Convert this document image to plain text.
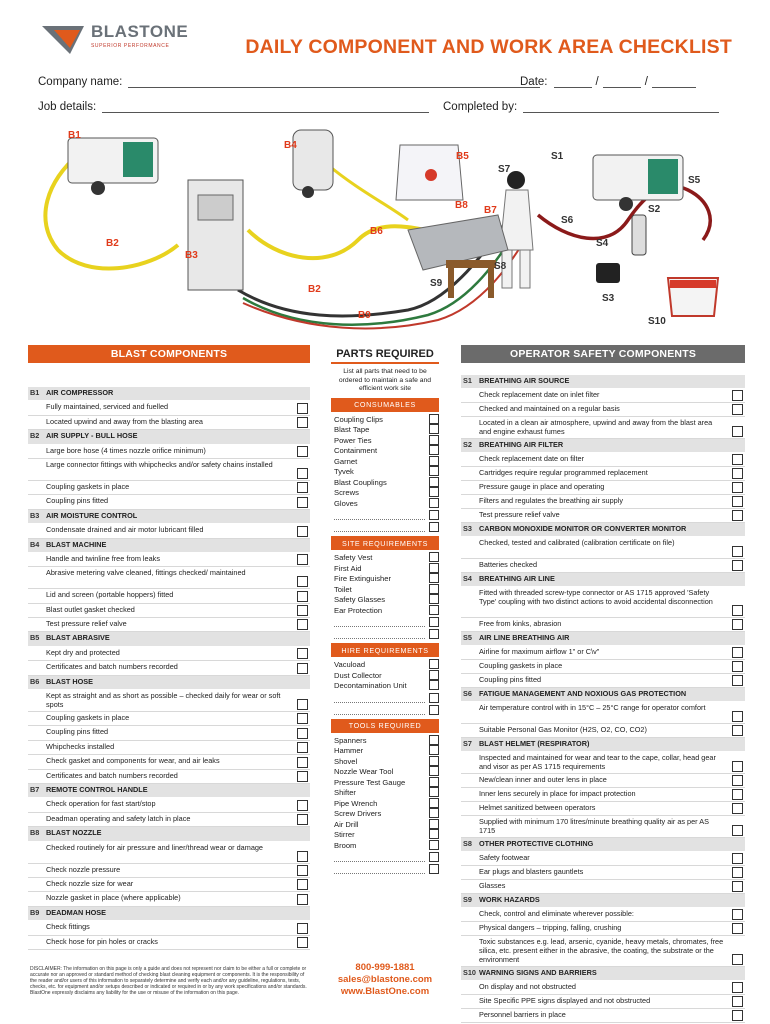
BLASTONE
SUPERIOR PERFORMANCE	DAILY COMPONENT AND WORK AREA CHECKLIST
Company name:	Date:	/	/
Job details:	Completed by:
B1
B4
B5
S7
S1
S5
B8 B7
S6
S2
B6
B2	S4
B3
S8
S9
B2
S3
B9
S10
BLAST COMPONENTS
B1 AIR COMPRESSOR
Fully maintained, serviced and fuelled
Located upwind and away from the blasting area
B2 AIR SUPPLY - BULL HOSE
Large bore hose (4 times nozzle orifice minimum)
Large connector fittings with whipchecks and/or safety chains installed
Coupling gaskets in place
Coupling pins fitted
B3 AIR MOISTURE CONTROL
Condensate drained and air motor lubricant filled
B4 BLAST MACHINE
Handle and twinline free from leaks
Abrasive metering valve cleaned, fittings checked/ maintained
Lid and screen (portable hoppers) fitted
Blast outlet gasket checked
Test pressure relief valve
B5 BLAST ABRASIVE
Kept dry and protected
Certificates and batch numbers recorded
B6 BLAST HOSE
Kept as straight and as short as possible – checked daily for wear or soft spots
Coupling gaskets in place
Coupling pins fitted
Whipchecks installed
Check gasket and components for wear, and air leaks
Certificates and batch numbers recorded
B7 REMOTE CONTROL HANDLE
Check operation for fast start/stop
Deadman operating and safety latch in place
B8 BLAST NOZZLE
Checked routinely for air pressure and liner/thread wear or damage
Check nozzle pressure
Check nozzle size for wear
Nozzle gasket in place (where applicable)
B9 DEADMAN HOSE
Check fittings
Check hose for pin holes or cracks
DISCLAIMER: The information on this page is only a guide and does not represent nor claim to be either a full or complete or accurate nor an approved or standard method of checking blast cleaning equipment or components. It is the responsibility of the reader and/or users of this information to separately determine and verify each and/or any guideline, regulations, tests, checks, etc. for equipment and/or setups described or indicated or required in or by any work specifications and/or standards. BlastOne expressly disclaims any liability for the use or misuse of the information on this page.
PARTS REQUIRED
List all parts that need to be ordered to maintain a safe and efficient work site
CONSUMABLES
Coupling Clips
Blast Tape
Power Ties
Containment
Garnet
Tyvek
Blast Couplings
Screws
Gloves
SITE REQUIREMENTS
Safety Vest
First Aid
Fire Extinguisher
Toilet
Safety Glasses
Ear Protection
HIRE REQUIREMENTS
Vacuload
Dust Collector
Decontamination Unit
TOOLS REQUIRED
Spanners
Hammer
Shovel
Nozzle Wear Tool
Pressure Test Gauge
Shifter
Pipe Wrench
Screw Drivers
Air Drill
Stirrer
Broom
800-999-1881
sales@blastone.com
www.BlastOne.com
OPERATOR SAFETY COMPONENTS
S1 BREATHING AIR SOURCE
Check replacement date on inlet filter
Checked and maintained on a regular basis
Located in a clean air atmosphere, upwind and away from the blast area and engine exhaust fumes
S2 BREATHING AIR FILTER
Check replacement date on filter
Cartridges require regular programmed replacement
Pressure gauge in place and operating
Filters and regulates the breathing air supply
Test pressure relief valve
S3 CARBON MONOXIDE MONITOR OR CONVERTER MONITOR
Checked, tested and calibrated (calibration certificate on file)
Batteries checked
S4 BREATHING AIR LINE
Fitted with threaded screw-type connector or AS 1715 approved 'Safety Type' coupling with two distinct actions to avoid accidental disconnection
Free from kinks, abrasion
S5 AIR LINE BREATHING AIR
Airline for maximum airflow 1" or C\v"
Coupling gaskets in place
Coupling pins fitted
S6 FATIGUE MANAGEMENT AND NOXIOUS GAS PROTECTION
Air temperature control with in 15°C – 25°C range for operator comfort
Suitable Personal Gas Monitor (H2S, O2, CO, CO2)
S7 BLAST HELMET (RESPIRATOR)
Inspected and maintained for wear and tear to the cape, collar, head gear and visor as per AS 1715 requirements
New/clean inner and outer lens in place
Inner lens securely in place for impact protection
Helmet sanitized between operators
Supplied with minimum 170 litres/minute breathing quality air as per AS 1715
S8 OTHER PROTECTIVE CLOTHING
Safety footwear
Ear plugs and blasters gauntlets
Glasses
S9 WORK HAZARDS
Check, control and eliminate wherever possible:
Physical dangers – tripping, falling, crushing
Toxic substances e.g. lead, arsenic, cyanide, heavy metals, chromates, free silica, etc. present either in the abrasive, the coating, the substrate or the environment
S10 WARNING SIGNS AND BARRIERS
On display and not obstructed
Site Specific PPE signs displayed and not obstructed
Personnel barriers in place
